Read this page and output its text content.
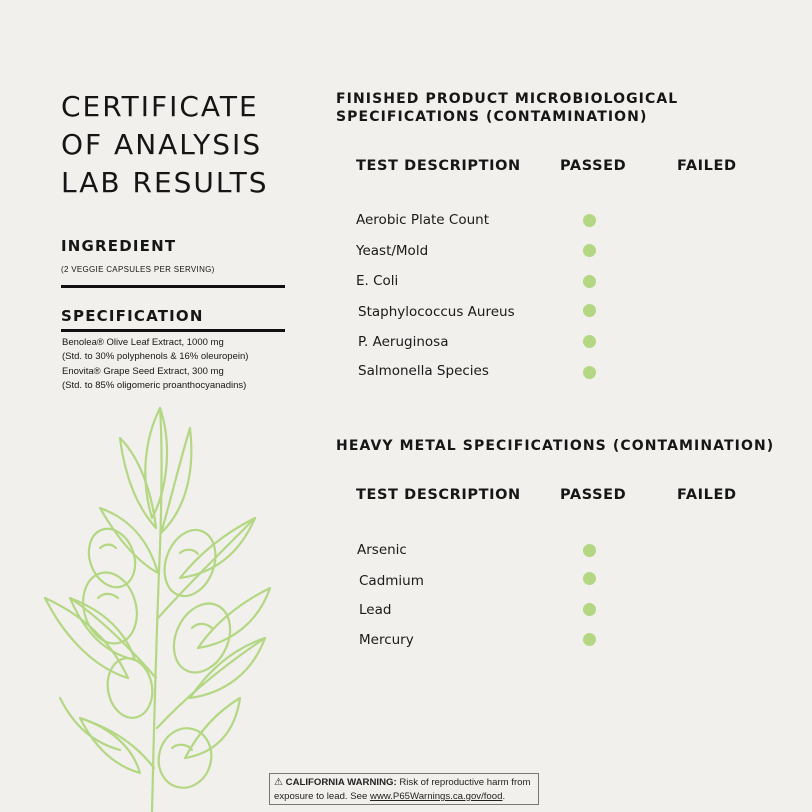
CERTIFICATE
OF ANALYSIS
LAB RESULTS
INGREDIENT
(2 VEGGIE CAPSULES PER SERVING)
SPECIFICATION
Benolea® Olive Leaf Extract, 1000 mg
(Std. to 30% polyphenols & 16% oleuropein)
Enovita® Grape Seed Extract, 300 mg
(Std. to 85% oligomeric proanthocyanadins)
FINISHED PRODUCT MICROBIOLOGICAL
SPECIFICATIONS (CONTAMINATION)
TEST DESCRIPTION	PASSED	FAILED
Aerobic Plate Count
Yeast/Mold
E. Coli
Staphylococcus Aureus
P. Aeruginosa
Salmonella Species
HEAVY METAL SPECIFICATIONS (CONTAMINATION)
TEST DESCRIPTION	PASSED	FAILED
Arsenic
Cadmium
Lead
Mercury
⚠ CALIFORNIA WARNING: Risk of reproductive harm from
exposure to lead. See www.P65Warnings.ca.gov/food.
